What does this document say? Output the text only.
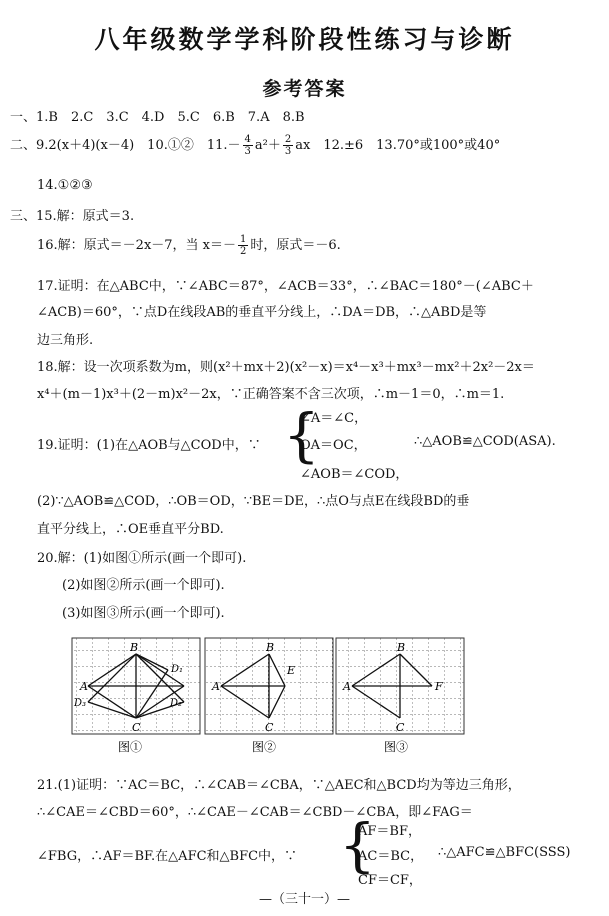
八年级数学学科阶段性练习与诊断
参考答案
一、1.B　2.C　3.C　4.D　5.C　6.B　7.A　8.B
二、9.2(x＋4)(x－4)　10.①②　$11.- \frac{4}{3} a^2+ \frac{2}{3}$ ax　12.±6　13.70°或100°或40°
14.①②③
三、15.解：原式＝3.
16.解：原式＝－2x－7，当 $x=- \frac{1}{2}$ 时，原式＝－6.
17.证明：在△ABC中，∵∠ABC＝87°，∠ACB＝33°，∴∠BAC＝180°－(∠ABC＋
∠ACB)＝60°，∵点D在线段AB的垂直平分线上，∴DA＝DB，∴△ABD是等
边三角形.
18.解：设一次项系数为m，则(x²＋mx＋2)(x²－x)＝x⁴－x³＋mx³－mx²＋2x²－2x＝
x⁴＋(m－1)x³＋(2－m)x²－2x，∵正确答案不含三次项，∴m－1＝0，∴m＝1.
19.证明：(1)在△AOB与△COD中，∵ {
∠A＝∠C，
OA＝OC，
∠AOB＝∠COD，
∴△AOB≌△COD(ASA).
(2)∵△AOB≌△COD，∴OB＝OD，∵BE＝DE，∴点O与点E在线段BD的垂
直平分线上，∴OE垂直平分BD.
20.解：(1)如图①所示(画一个即可).
(2)如图②所示(画一个即可).
(3)如图③所示(画一个即可).
B
A
C
D₁
D₂
D₃
图①
B
A
C
E
图②
B
A
C
F
图③
21.(1)证明：∵AC＝BC，∴∠CAB＝∠CBA，∵△AEC和△BCD均为等边三角形，
∴∠CAE＝∠CBD＝60°，∴∠CAE－∠CAB＝∠CBD－∠CBA，即∠FAG＝
∠FBG，∴AF＝BF.在△AFC和△BFC中，∵ {
AF＝BF，
AC＝BC，
CF＝CF，
∴△AFC≌△BFC(SSS)
—（三十一）—
